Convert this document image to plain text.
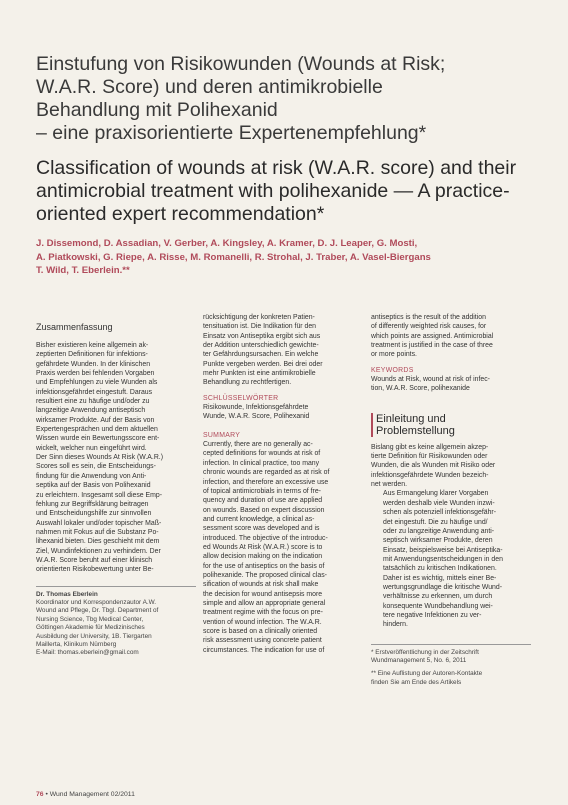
Einstufung von Risikowunden (Wounds at Risk;
W.A.R. Score) und deren antimikrobielle
Behandlung mit Polihexanid
– eine praxisorientierte Expertenempfehlung*
Classification of wounds at risk (W.A.R. score) and their
antimicrobial treatment with polihexanide — A practice-
oriented expert recommendation*
J. Dissemond, D. Assadian, V. Gerber, A. Kingsley, A. Kramer, D. J. Leaper, G. Mosti,
A. Piatkowski, G. Riepe, A. Risse, M. Romanelli, R. Strohal, J. Traber, A. Vasel-Biergans
T. Wild, T. Eberlein.**
Zusammenfassung
Bisher existieren keine allgemein ak-
zeptierten Definitionen für infektions-
gefährdete Wunden. In der klinischen
Praxis werden bei fehlenden Vorgaben
und Empfehlungen zu viele Wunden als
infektionsgefährdet eingestuft. Daraus
resultiert eine zu häufige und/oder zu
langzeitige Anwendung antiseptisch
wirksamer Produkte. Auf der Basis von
Expertengesprächen und dem aktuellen
Wissen wurde ein Bewertungsscore ent-
wickelt, welcher nun eingeführt wird.
Der Sinn dieses Wounds At Risk (W.A.R.)
Scores soll es sein, die Entscheidungs-
findung für die Anwendung von Anti-
septika auf der Basis von Polihexanid
zu erleichtern. Insgesamt soll diese Emp-
fehlung zur Begriffsklärung beitragen
und Entscheidungshilfe zur sinnvollen
Auswahl lokaler und/oder topischer Maß-
nahmen mit Fokus auf die Substanz Po-
lihexanid bieten. Dies geschieht mit dem
Ziel, Wundinfektionen zu verhindern. Der
W.A.R. Score beruht auf einer klinisch
orientierten Risikobewertung unter Be-
Dr. Thomas Eberlein
Koordinator und Korrespondenzautor A.W.
Wound and Pflege, Dr. Tbgl. Department of
Nursing Science, Tbg Medical Center,
Göttingen Akademie für Medizinisches
Ausbildung der University, 1B. Tiergarten
Maillerta, Klinikum Nürnberg
E-Mail: thomas.eberlein@gmail.com
rücksichtigung der konkreten Patien-
tensituation ist. Die Indikation für den
Einsatz von Antiseptika ergibt sich aus
der Addition unterschiedlich gewichte-
ter Gefährdungsursachen. Ein welche
Punkte vergeben werden. Bei drei oder
mehr Punkten ist eine antimikrobielle
Behandlung zu rechtfertigen.
SCHLÜSSELWÖRTER
Risikowunde, Infektionsgefährdete
Wunde, W.A.R. Score, Polihexanid
SUMMARY
Currently, there are no generally ac-
cepted definitions for wounds at risk of
infection. In clinical practice, too many
chronic wounds are regarded as at risk of
infection, and therefore an excessive use
of topical antimicrobials in terms of fre-
quency and duration of use are applied
on wounds. Based on expert discussion
and current knowledge, a clinical as-
sessment score was developed and is
introduced. The objective of the introduc-
ed Wounds At Risk (W.A.R.) score is to
allow decision making on the indication
for the use of antiseptics on the basis of
polihexanide. The proposed clinical clas-
sification of wounds at risk shall make
the decision for wound antisepsis more
simple and allow an appropriate general
treatment regime with the focus on pre-
vention of wound infection. The W.A.R.
score is based on a clinically oriented
risk assessment using concrete patient
circumstances. The indication for use of
antiseptics is the result of the addition
of differently weighted risk causes, for
which points are assigned. Antimicrobial
treatment is justified in the case of three
or more points.
KEYWORDS
Wounds at Risk, wound at risk of infec-
tion, W.A.R. Score, polihexanide
Einleitung und
Problemstellung
Bislang gibt es keine allgemein akzep-
tierte Definition für Risikowunden oder
Wunden, die als Wunden mit Risiko oder
infektionsgefährdete Wunden bezeich-
net werden.
Aus Ermangelung klarer Vorgaben
werden deshalb viele Wunden inzwi-
schen als potenziell infektionsgefähr-
det eingestuft. Die zu häufige und/
oder zu langzeitige Anwendung anti-
septisch wirksamer Produkte, deren
Einsatz, beispielsweise bei Antiseptika-
mit Anwendungsentscheidungen in den
tatsächlich zu kritischen Indikationen.
Daher ist es wichtig, mittels einer Be-
wertungsgrundlage die kritische Wund-
verhältnisse zu erkennen, um durch
konsequente Wundbehandlung wei-
tere negative Infektionen zu ver-
hindern.
* Erstveröffentlichung in der Zeitschrift
Wundmanagement 5, No. 6, 2011
** Eine Auflistung der Autoren-Kontakte
finden Sie am Ende des Artikels
76 • Wund Management 02/2011
